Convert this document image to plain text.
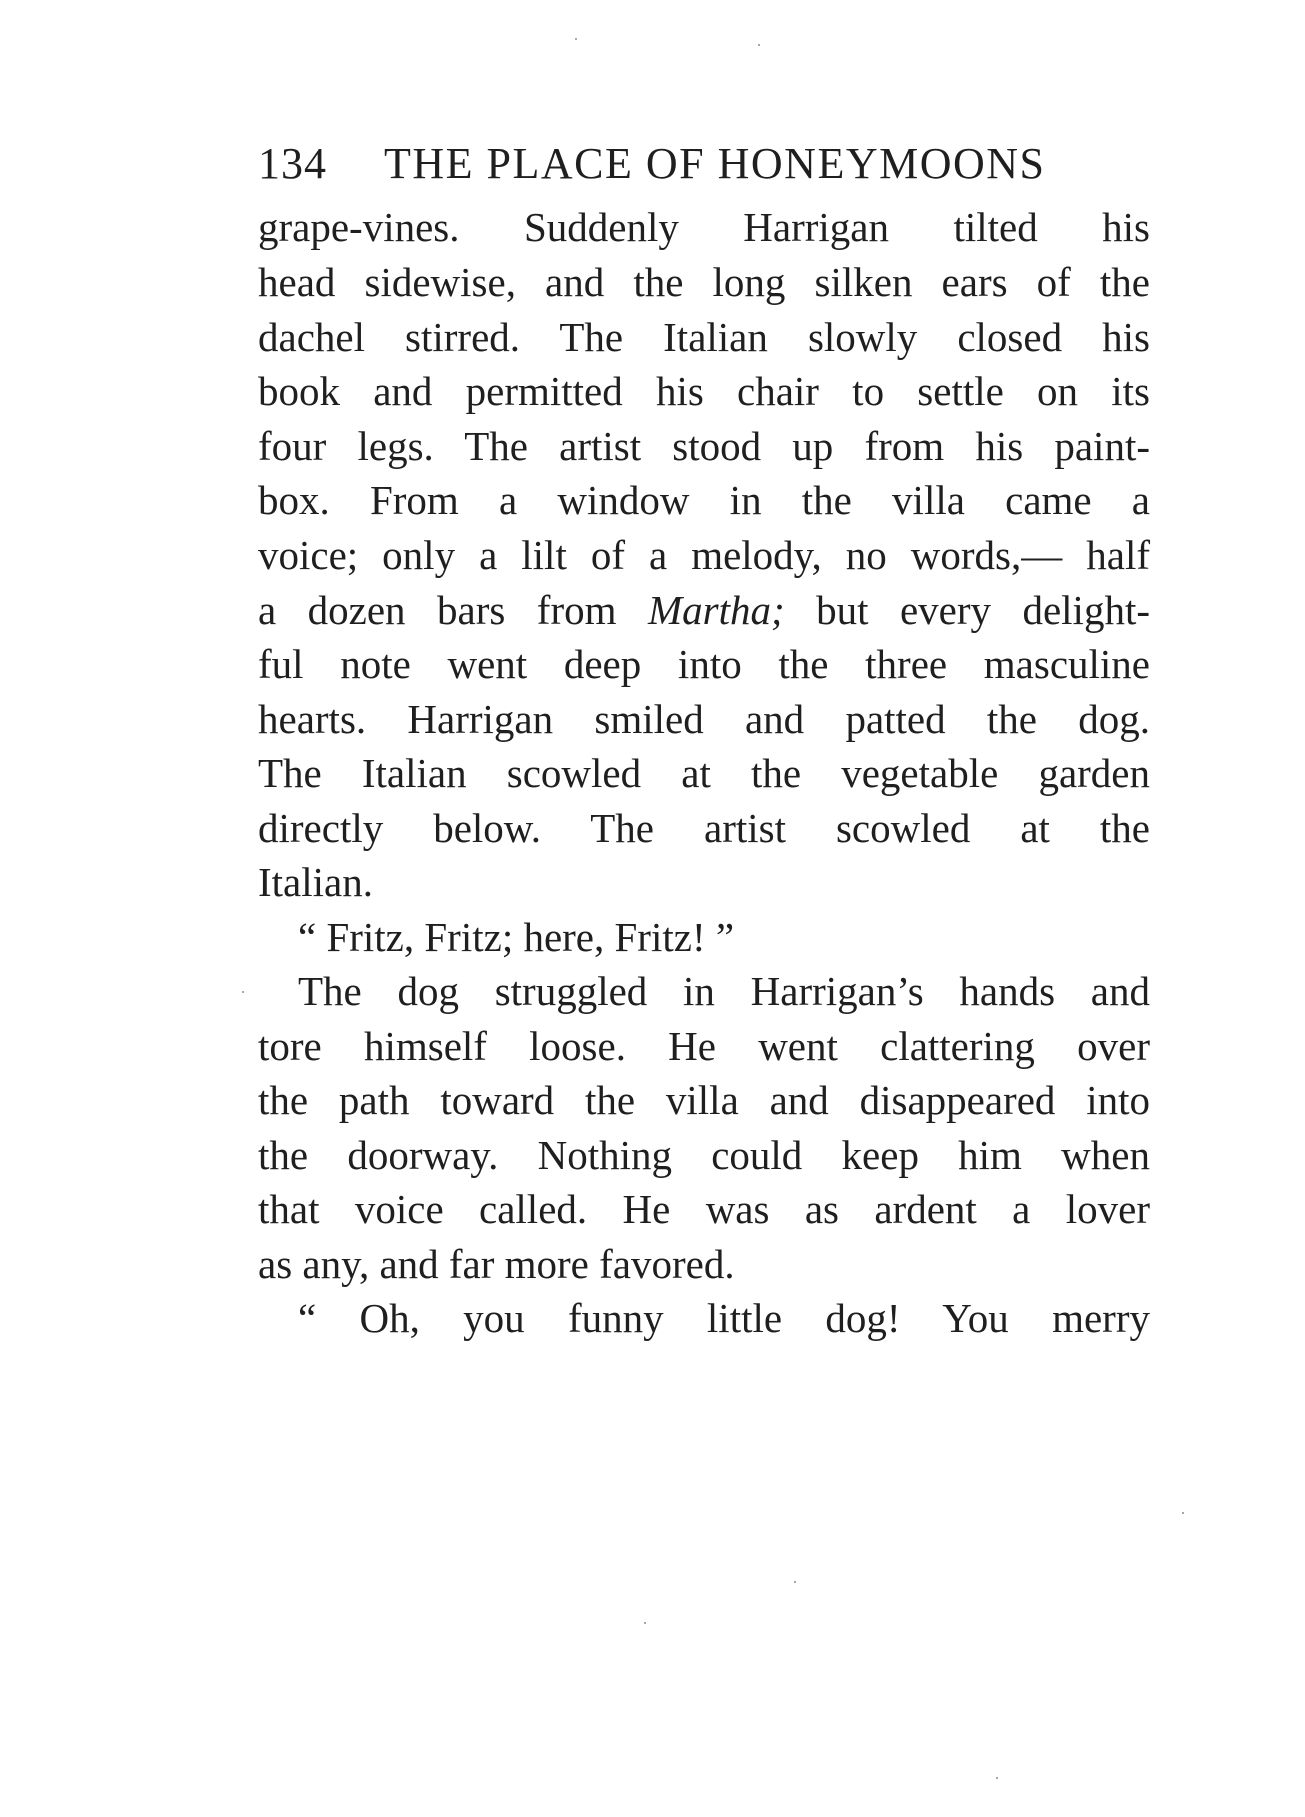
134 THE PLACE OF HONEYMOONS
grape-vines. Suddenly Harrigan tilted his
head sidewise, and the long silken ears of the
dachel stirred. The Italian slowly closed his
book and permitted his chair to settle on its
four legs. The artist stood up from his paint-
box. From a window in the villa came a
voice; only a lilt of a melody, no words,— half
a dozen bars from Martha; but every delight-
ful note went deep into the three masculine
hearts. Harrigan smiled and patted the dog.
The Italian scowled at the vegetable garden
directly below. The artist scowled at the
Italian.
“ Fritz, Fritz; here, Fritz! ”
The dog struggled in Harrigan’s hands and
tore himself loose. He went clattering over
the path toward the villa and disappeared into
the doorway. Nothing could keep him when
that voice called. He was as ardent a lover
as any, and far more favored.
“ Oh, you funny little dog! You merry
